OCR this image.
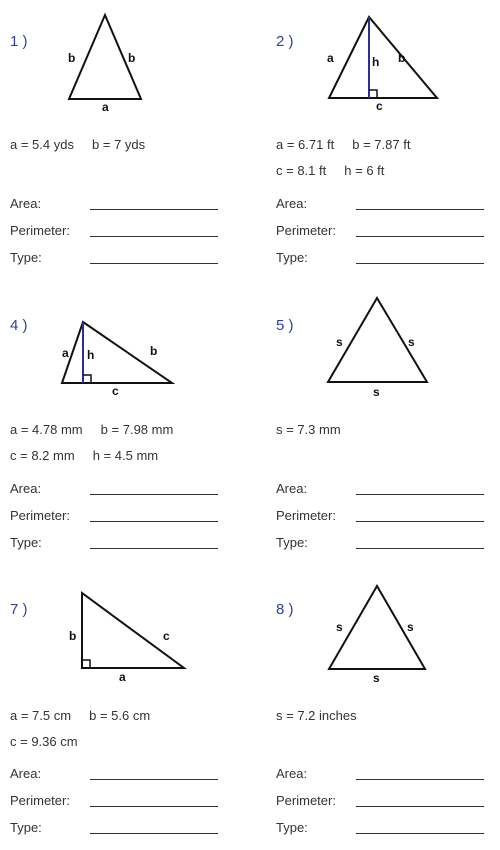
1 )
b	b
a
a = 5.4 yds     b = 7 yds
Area:
Perimeter:
Type:
2 )
a	h b
c
a = 6.71 ft     b = 7.87 ft
c = 8.1 ft     h = 6 ft
Area:
Perimeter:
Type:
4 )
a h	b
c
a = 4.78 mm     b = 7.98 mm
c = 8.2 mm     h = 4.5 mm
Area:
Perimeter:
Type:
5 )
s	s
s
s = 7.3 mm
Area:
Perimeter:
Type:
7 )
b	c
a
a = 7.5 cm     b = 5.6 cm
c = 9.36 cm
Area:
Perimeter:
Type:
8 )
s	s
s
s = 7.2 inches
Area:
Perimeter:
Type:
